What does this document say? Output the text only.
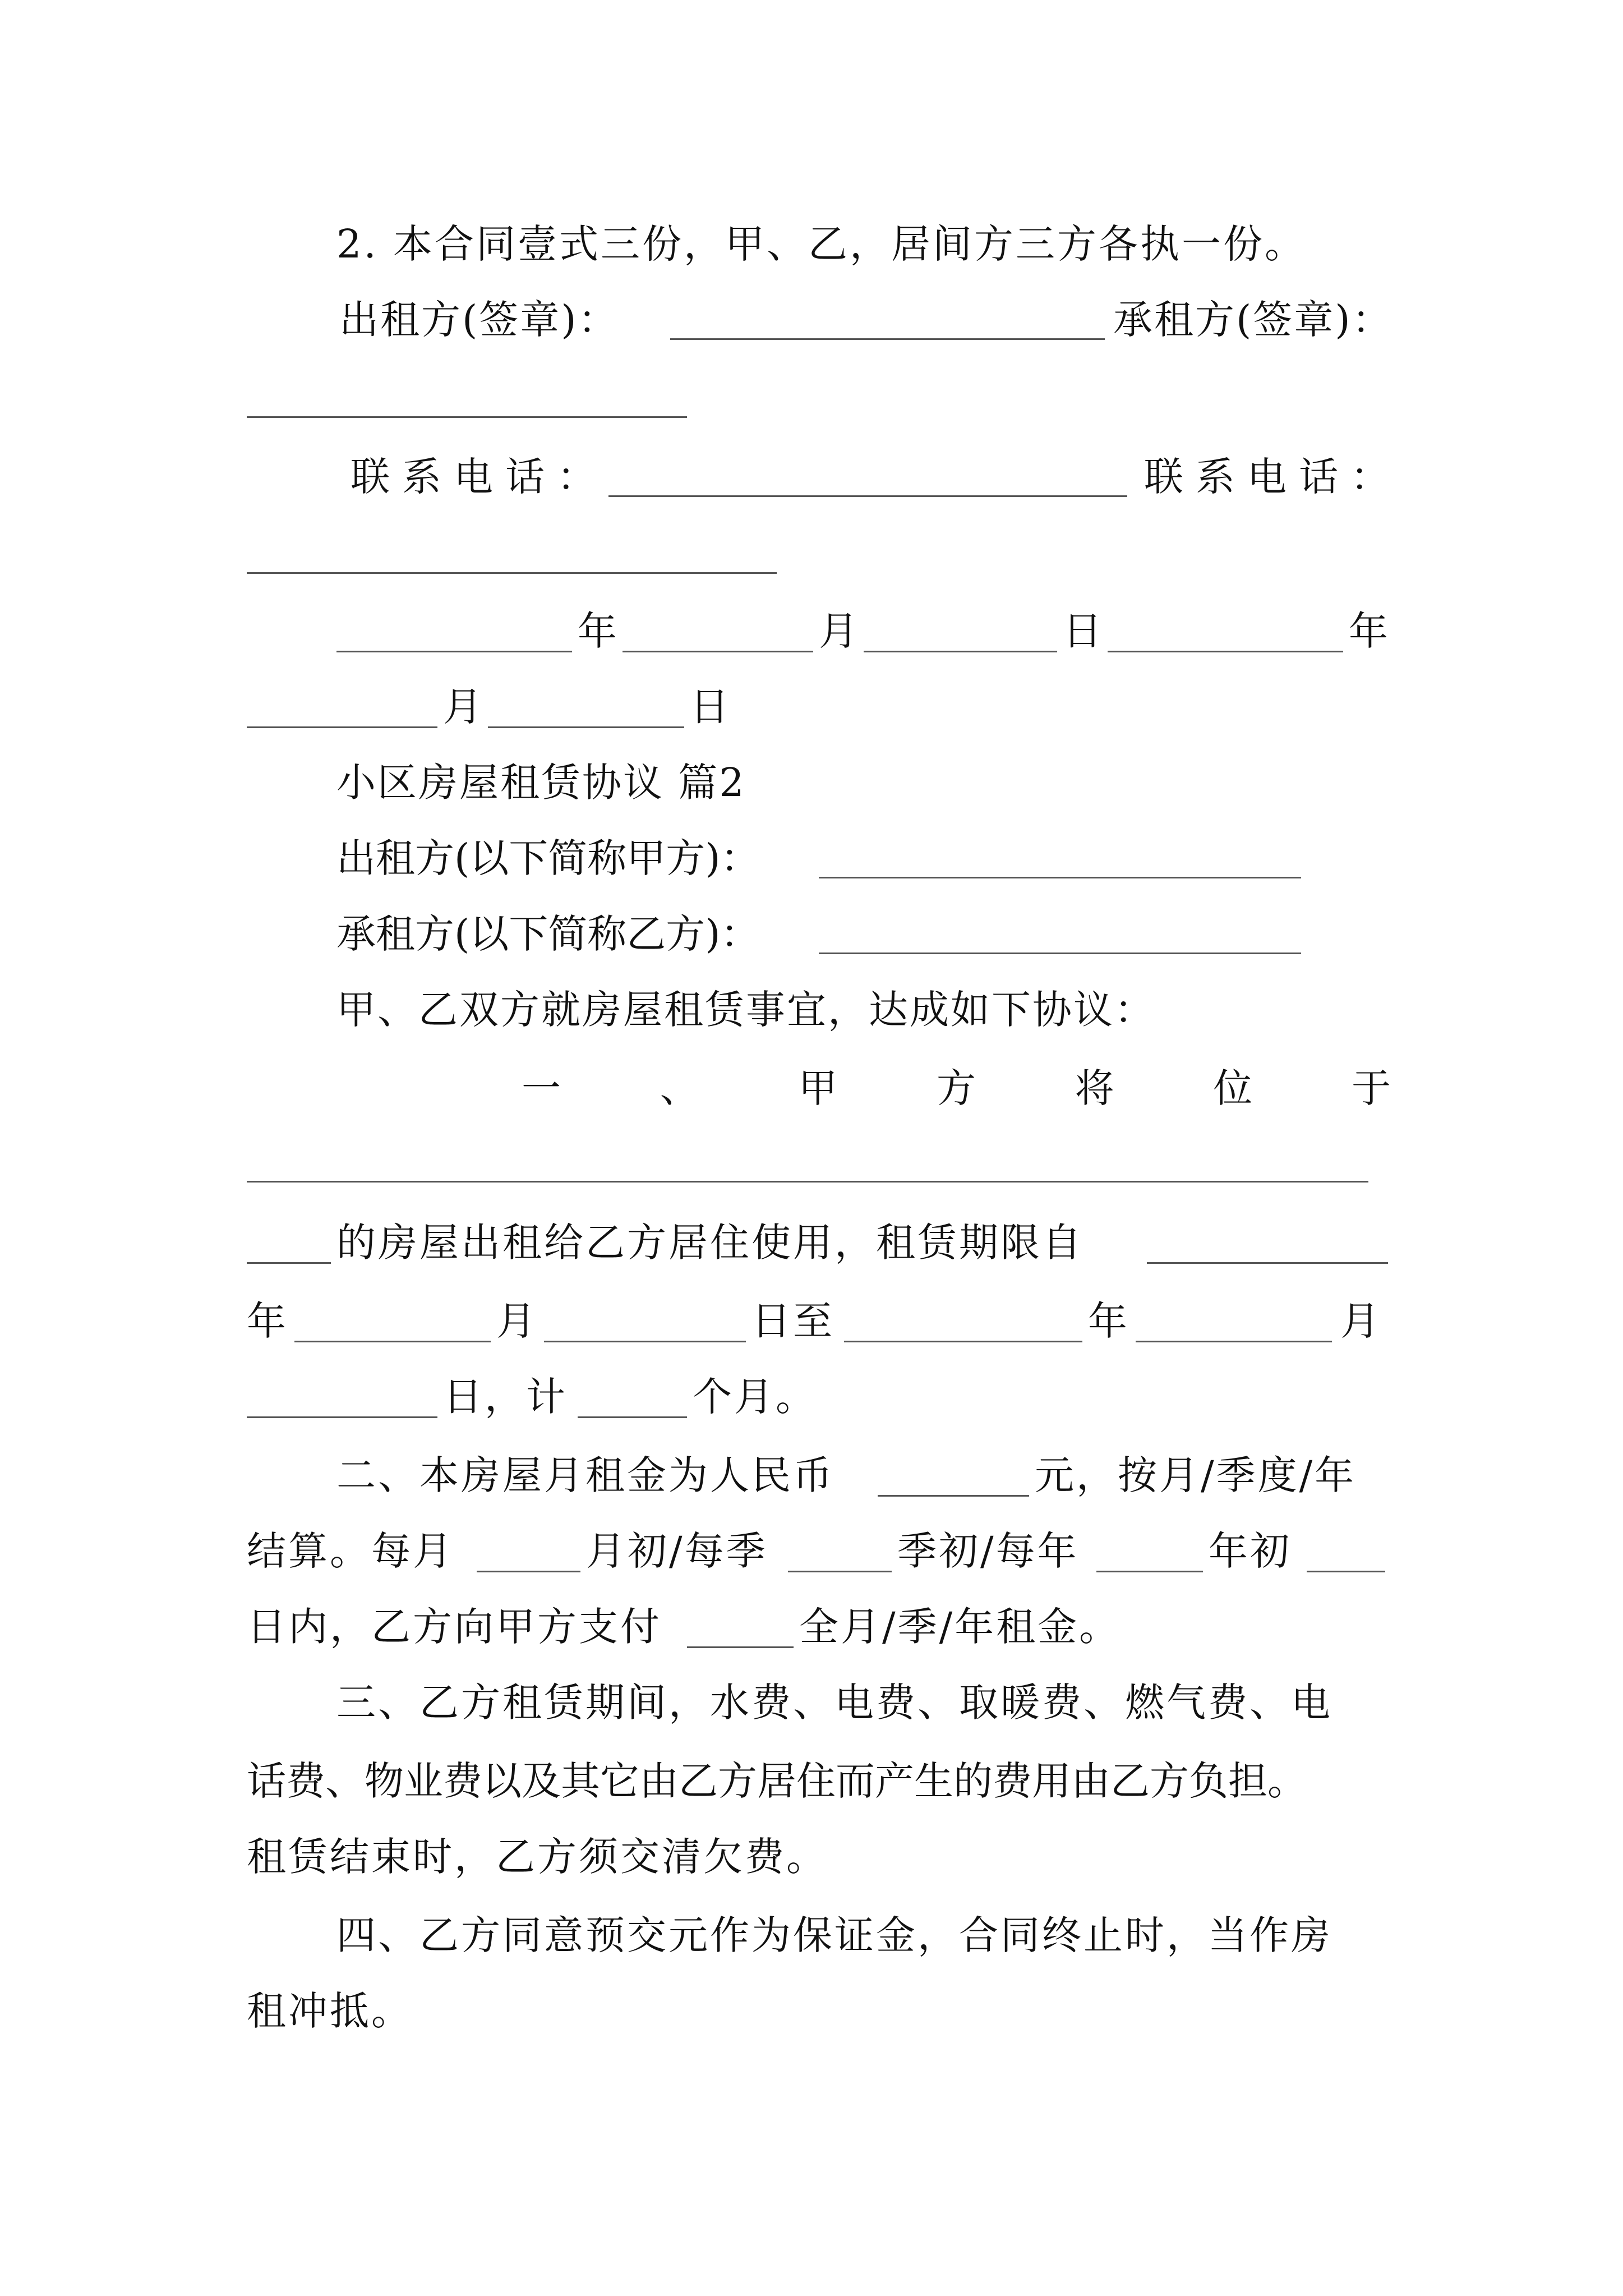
2. 本合同壹式三份，甲、乙，居间方三方各执一份。
出租方(签章)：	承租方(签章)：
联系电话：	联系电话：
年	月	日	年
月	日
小区房屋租赁协议 篇2
出租方(以下简称甲方)：
承租方(以下简称乙方)：
甲、乙双方就房屋租赁事宜，达成如下协议：
一	、	甲	方	将	位	于
的房屋出租给乙方居住使用，租赁期限自
年	月	日至	年	月
日，计	个月。
二、本房屋月租金为人民币	元，按月/季度/年
结算。每月	月初/每季	季初/每年	年初
日内，乙方向甲方支付	全月/季/年租金。
三、乙方租赁期间，水费、电费、取暖费、燃气费、电
话费、物业费以及其它由乙方居住而产生的费用由乙方负担。
租赁结束时，乙方须交清欠费。
四、乙方同意预交元作为保证金，合同终止时，当作房
租冲抵。
